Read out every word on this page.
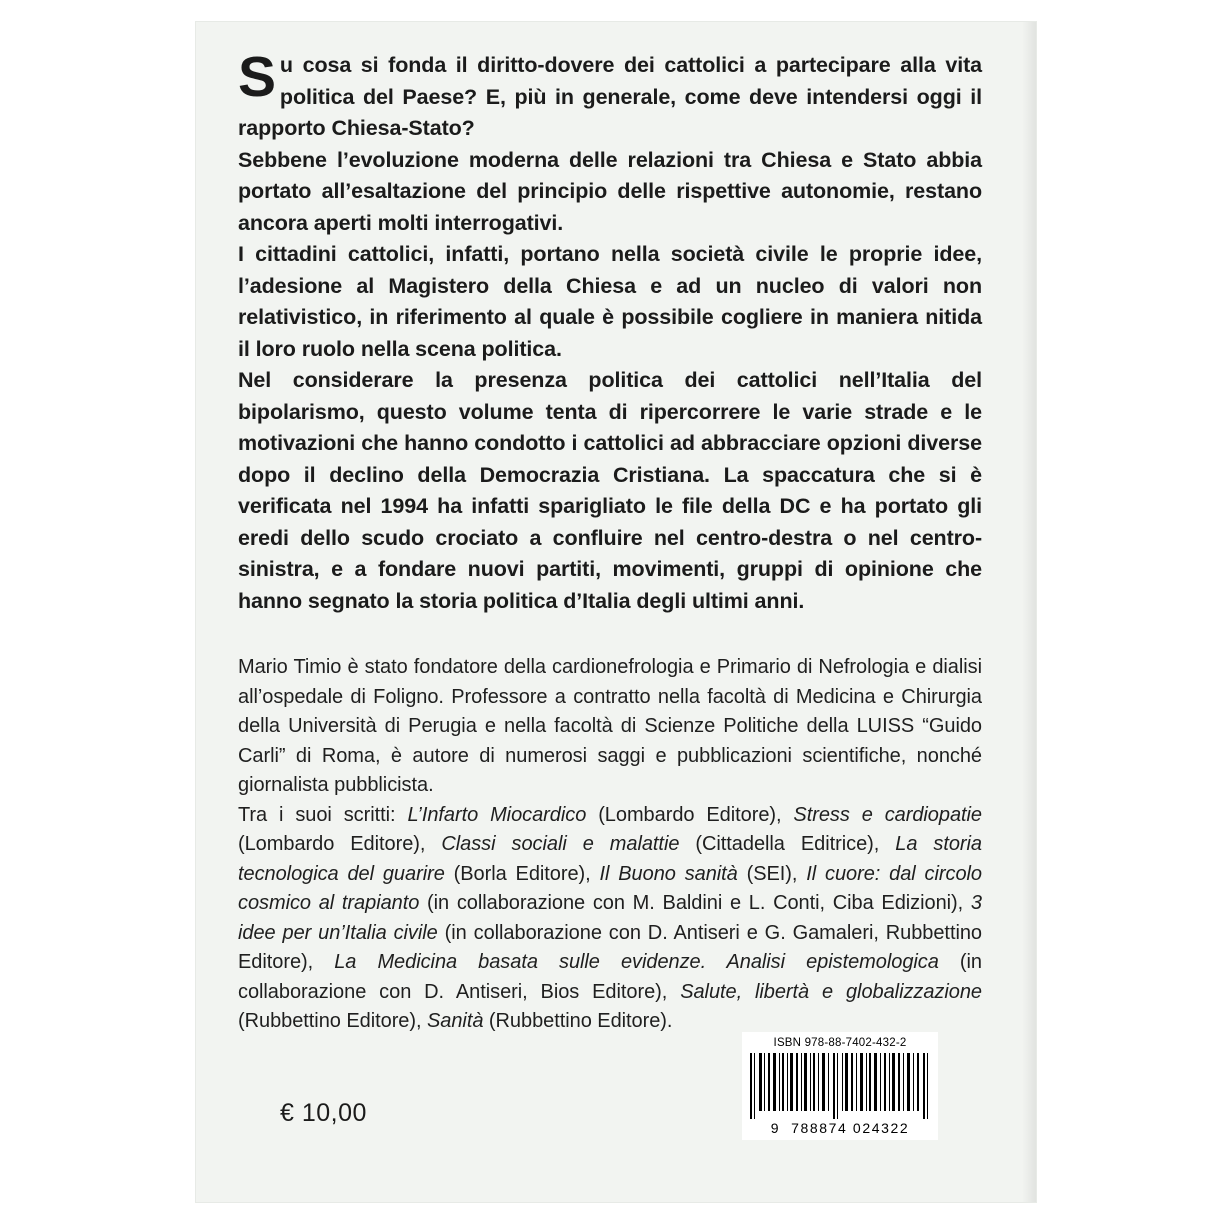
Su cosa si fonda il diritto-dovere dei cattolici a partecipare alla vita politica del Paese? E, più in generale, come deve intendersi oggi il rapporto Chiesa-Stato?

Sebbene l’evoluzione moderna delle relazioni tra Chiesa e Stato abbia portato all’esaltazione del principio delle rispettive autonomie, restano ancora aperti molti interrogativi.

I cittadini cattolici, infatti, portano nella società civile le proprie idee, l’adesione al Magistero della Chiesa e ad un nucleo di valori non relativistico, in riferimento al quale è possibile cogliere in maniera nitida il loro ruolo nella scena politica.

Nel considerare la presenza politica dei cattolici nell’Italia del bipolarismo, questo volume tenta di ripercorrere le varie strade e le motivazioni che hanno condotto i cattolici ad abbracciare opzioni diverse dopo il declino della Democrazia Cristiana. La spaccatura che si è verificata nel 1994 ha infatti sparigliato le file della DC e ha portato gli eredi dello scudo crociato a confluire nel centro-destra o nel centro-sinistra, e a fondare nuovi partiti, movimenti, gruppi di opinione che hanno segnato la storia politica d’Italia degli ultimi anni.

Mario Timio è stato fondatore della cardionefrologia e Primario di Nefrologia e dialisi all’ospedale di Foligno. Professore a contratto nella facoltà di Medicina e Chirurgia della Università di Perugia e nella facoltà di Scienze Politiche della LUISS “Guido Carli” di Roma, è autore di numerosi saggi e pubblicazioni scientifiche, nonché giornalista pubblicista.

Tra i suoi scritti: L’Infarto Miocardico (Lombardo Editore), Stress e cardiopatie (Lombardo Editore), Classi sociali e malattie (Cittadella Editrice), La storia tecnologica del guarire (Borla Editore), Il Buono sanità (SEI), Il cuore: dal circolo cosmico al trapianto (in collaborazione con M. Baldini e L. Conti, Ciba Edizioni), 3 idee per un’Italia civile (in collaborazione con D. Antiseri e G. Gamaleri, Rubbettino Editore), La Medicina basata sulle evidenze. Analisi epistemologica (in collaborazione con D. Antiseri, Bios Editore), Salute, libertà e globalizzazione (Rubbettino Editore), Sanità (Rubbettino Editore).

€ 10,00
ISBN 978-88-7402-432-2
9 788874 024322
